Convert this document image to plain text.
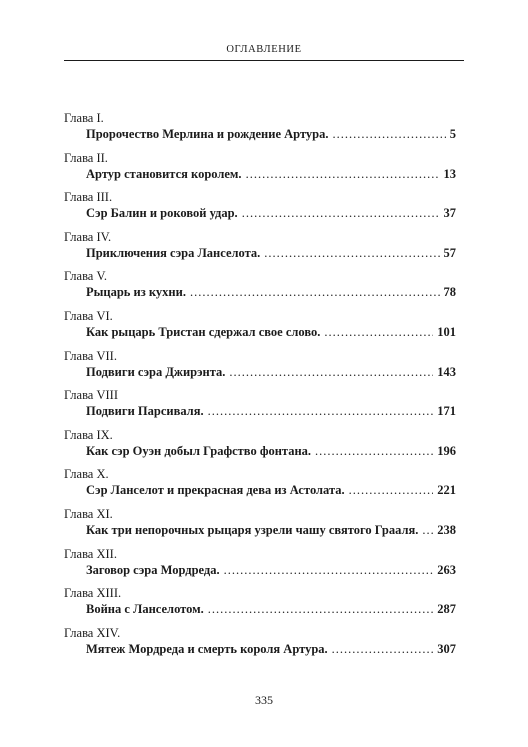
ОГЛАВЛЕНИЕ
Глава I.
Пророчество Мерлина и рождение Артура. .....	5
Глава II.
Артур становится королем. .....	13
Глава III.
Сэр Балин и роковой удар. .....	37
Глава IV.
Приключения сэра Ланселота. .....	57
Глава V.
Рыцарь из кухни. .....	78
Глава VI.
Как рыцарь Тристан сдержал свое слово. .....	101
Глава VII.
Подвиги сэра Джирэнта. .....	143
Глава VIII
Подвиги Парсиваля. .....	171
Глава IX.
Как сэр Оуэн добыл Графство фонтана. .....	196
Глава X.
Сэр Ланселот и прекрасная дева из Астолата. .....	221
Глава XI.
Как три непорочных рыцаря узрели чашу святого Грааля. ..... 238
Глава XII.
Заговор сэра Мордреда. .....	263
Глава XIII.
Война с Ланселотом. .....	287
Глава XIV.
Мятеж Мордреда и смерть короля Артура. .....	307
335
